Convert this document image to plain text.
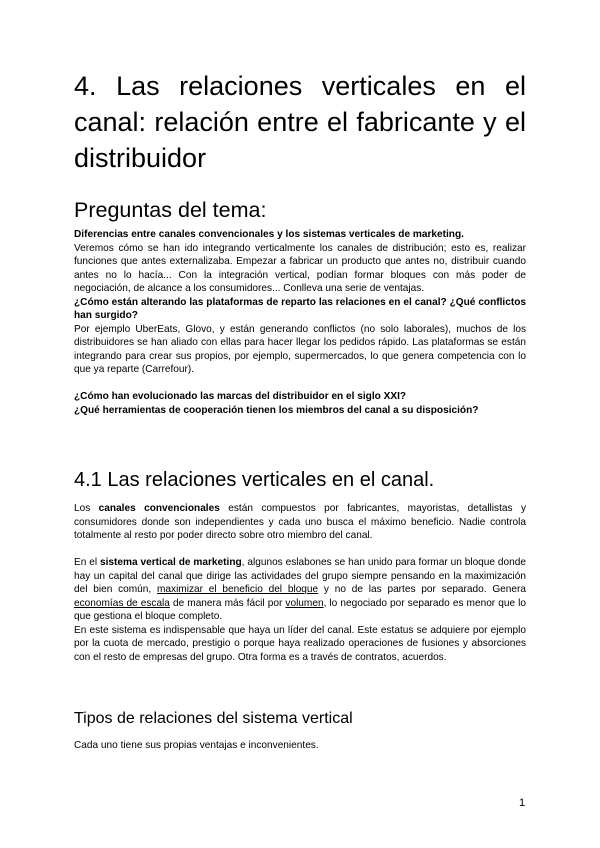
4. Las relaciones verticales en el canal: relación entre el fabricante y el distribuidor
Preguntas del tema:

Diferencias entre canales convencionales y los sistemas verticales de marketing.

Veremos cómo se han ido integrando verticalmente los canales de distribución; esto es, realizar funciones que antes externalizaba. Empezar a fabricar un producto que antes no, distribuir cuando antes no lo hacía... Con la integración vertical, podían formar bloques con más poder de negociación, de alcance a los consumidores... Conlleva una serie de ventajas.

¿Cómo están alterando las plataformas de reparto las relaciones en el canal? ¿Qué conflictos han surgido?

Por ejemplo UberEats, Glovo, y están generando conflictos (no solo laborales), muchos de los distribuidores se han aliado con ellas para hacer llegar los pedidos rápido. Las plataformas se están integrando para crear sus propios, por ejemplo, supermercados, lo que genera competencia con lo que ya reparte (Carrefour).

¿Cómo han evolucionado las marcas del distribuidor en el siglo XXI?

¿Qué herramientas de cooperación tienen los miembros del canal a su disposición?

4.1 Las relaciones verticales en el canal.

Los canales convencionales están compuestos por fabricantes, mayoristas, detallistas y consumidores donde son independientes y cada uno busca el máximo beneficio. Nadie controla totalmente al resto por poder directo sobre otro miembro del canal.

En el sistema vertical de marketing, algunos eslabones se han unido para formar un bloque donde hay un capital del canal que dirige las actividades del grupo siempre pensando en la maximización del bien común, maximizar el beneficio del bloque y no de las partes por separado. Genera economías de escala de manera más fácil por volumen, lo negociado por separado es menor que lo que gestiona el bloque completo.

En este sistema es indispensable que haya un líder del canal. Este estatus se adquiere por ejemplo por la cuota de mercado, prestigio o porque haya realizado operaciones de fusiones y absorciones con el resto de empresas del grupo. Otra forma es a través de contratos, acuerdos.

Tipos de relaciones del sistema vertical
Cada uno tiene sus propias ventajas e inconvenientes.
1
